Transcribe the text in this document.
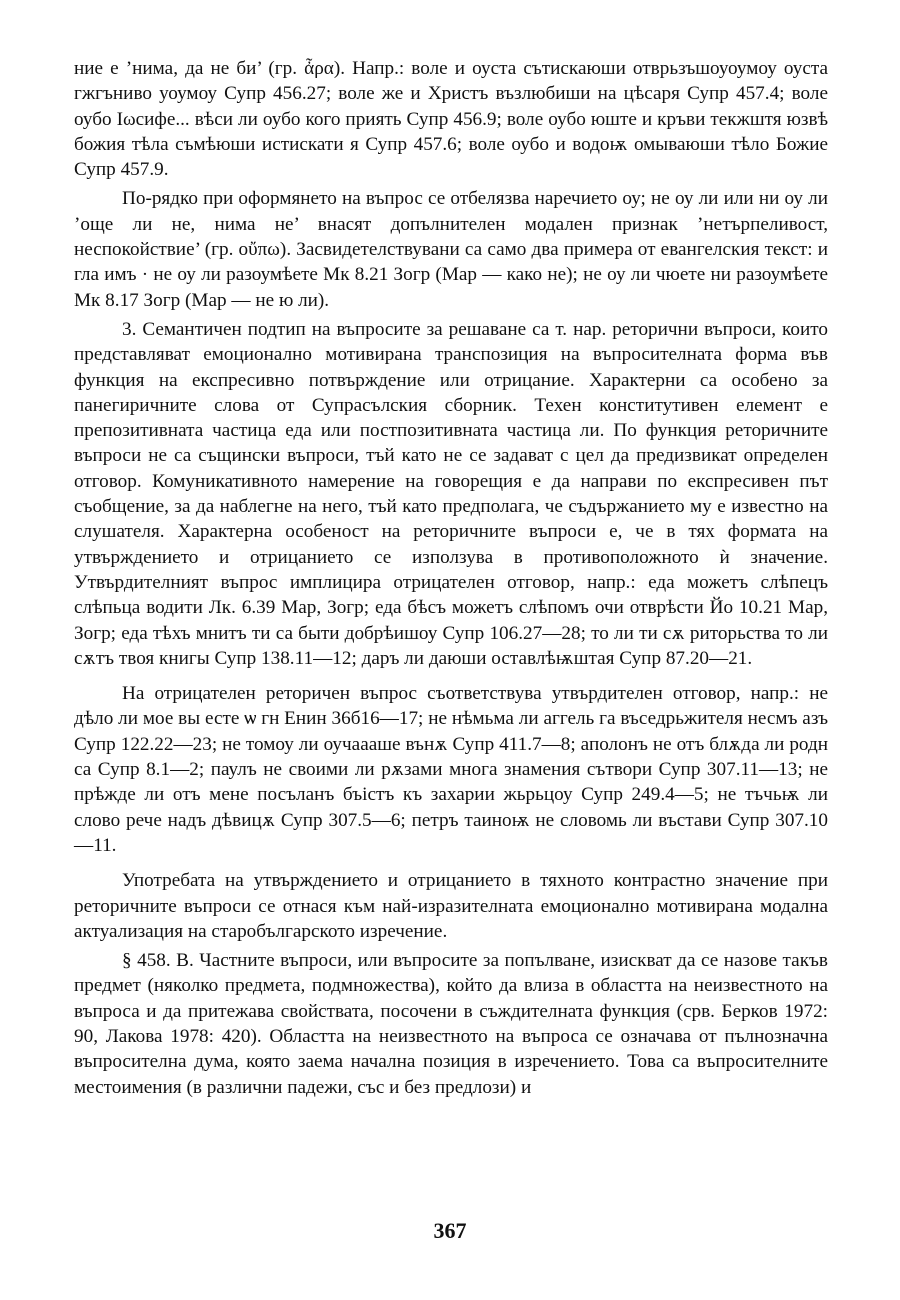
ние е ’нима, да не би’ (гр. ἆρα). Напр.: воле и оуста сътискаюши отврьзъшоуоумоу оуста гжгъниво уоумоу Супр 456.27; воле же и Христъ възлюбиши на цѣсаря Супр 457.4; воле оубо Іωсифе... вѣси ли оубо кого приять Супр 456.9; воле оубо юште и кръви текжштя юзвѣ божия тѣла съмѣюши истискати я Супр 457.6; воле оубо и водоѭ омываюши тѣло Божие Супр 457.9.

По-рядко при оформянето на въпрос се отбелязва наречието оу; не оу ли или ни оу ли ’още ли не, нима не’ внасят допълнителен модален признак ’нетърпеливост, неспокойствие’ (гр. οὔπω). Засвидетелствувани са само два примера от евангелския текст: и гла имъ · не оу ли разоумѣете Мк 8.21 Зогр (Мар — како не); не оу ли чюете ни разоумѣете Мк 8.17 Зогр (Мар — не ю ли).

3. Семантичен подтип на въпросите за решаване са т. нар. реторични въпроси, които представляват емоционално мотивирана транспозиция на въпросителната форма във функция на експресивно потвърждение или отрицание. Характерни са особено за панегиричните слова от Супрасълския сборник. Техен конститутивен елемент е препозитивната частица еда или постпозитивната частица ли. По функция реторичните въпроси не са същински въпроси, тъй като не се задават с цел да предизвикат определен отговор. Комуникативното намерение на говорещия е да направи по експресивен път съобщение, за да наблегне на него, тъй като предполага, че съдържанието му е известно на слушателя. Характерна особеност на реторичните въпроси е, че в тях формата на утвърждението и отрицанието се използува в противоположното ѝ значение. Утвърдителният въпрос имплицира отрицателен отговор, напр.: еда можетъ слѣпецъ слѣпьца водити Лк. 6.39 Мар, Зогр; еда бѣсъ можетъ слѣпомъ очи отврѣсти Йо 10.21 Мар, Зогр; еда тѣхъ мнитъ ти са быти добрѣишоу Супр 106.27—28; то ли ти сѫ риторьства то ли сѫтъ твоя книгы Супр 138.11—12; даръ ли даюши оставлѣѭштая Супр 87.20—21.

На отрицателен реторичен въпрос съответствува утвърдителен отговор, напр.: не дѣло ли мое вы есте ѡ гн Енин 36б16—17; не нѣмьма ли аггель га въседрьжителя несмъ азъ Супр 122.22—23; не томоу ли оучаааше вънѫ Супр 411.7—8; аполонъ не отъ блѫда ли родн са Супр 8.1—2; паулъ не своими ли рѫзами многа знамения сътвори Супр 307.11—13; не прѣжде ли отъ мене посъланъ бъістъ къ захарии жьрьцоу Супр 249.4—5; не тъчьѭ ли слово рече надъ дѣвицѫ Супр 307.5—6; петръ таиноѭ не словомь ли въстави Супр 307.10—11.

Употребата на утвърждението и отрицанието в тяхното контрастно значение при реторичните въпроси се отнася към най-изразителната емоционално мотивирана модална актуализация на старобългарското изречение.

§ 458. В. Частните въпроси, или въпросите за попълване, изискват да се назове такъв предмет (няколко предмета, подмножества), който да влиза в областта на неизвестното на въпроса и да притежава свойствата, посочени в съждителната функция (срв. Берков 1972: 90, Лакова 1978: 420). Областта на неизвестното на въпроса се означава от пълнозначна въпросителна дума, която заема начална позиция в изречението. Това са въпросителните местоимения (в различни падежи, със и без предлози) и

367
